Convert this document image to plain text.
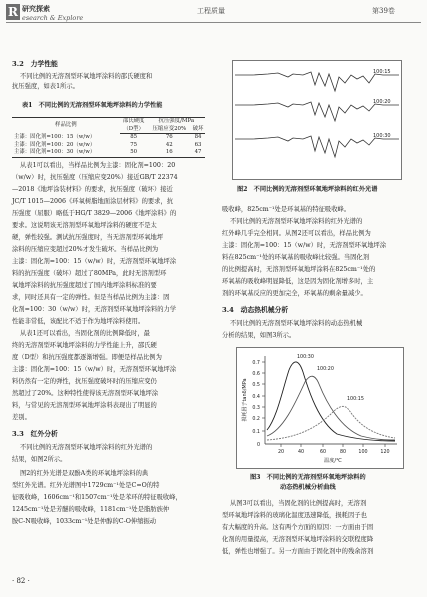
R 研究探索
esearch & Explore
工程质量	第39卷
3.2　力学性能
不同比例的无溶剂型环氧地坪涂料的邵氏硬度和
抗压强度，如表1所示。
表1　不同比例的无溶剂型环氧地坪涂料的力学性能
样品比例	邵氏硬度	抗压强度/MPa	
	（D型）	压缩应变20%	破坏
主漆：固化剂=100：15（w/w）	85	76	84
主漆：固化剂=100：20（w/w）	75	42	63
主漆：固化剂=100：30（w/w）	50	16	47
从表1可以看出，当样品比例为主漆：固化剂=100：20
（w/w）时，抗压强度（压缩应变20%）接近GB/T 22374
—2018《地坪涂装材料》的要求，抗压强度（破坏）接近
JC/T 1015—2006《环氧树脂地面涂层材料》的要求，抗
压强度（屈服）略低于HG/T 3829—2006《地坪涂料》的
要求。这说明该无溶剂型环氧地坪涂料的硬度不是太
硬，弹性较强。测试抗压强度时，当无溶剂型环氧地坪
涂料的压缩应变超过20%才发生破坏。当样品比例为
主漆：固化剂=100：15（w/w）时，无溶剂型环氧地坪涂
料的抗压强度（破坏）超过了80MPa，此时无溶剂型环
氧地坪涂料的抗压强度超过了国内地坪涂料标准的要
求，同时还具有一定的弹性。但是当样品比例为主漆：固
化剂=100：30（w/w）时，无溶剂型环氧地坪涂料的力学
性能非常低，该配比不适于作为地坪涂料使用。
从表1还可以看出，当固化剂的比例降低时，最
终的无溶剂型环氧地坪涂料的力学性能上升，邵氏硬
度（D型）和抗压强度都逐渐增强。即便是样品比例为
主漆：固化剂=100：15（w/w）时，无溶剂型环氧地坪涂
料仍然有一定的弹性，抗压强度破坏时的压缩应变仍
然超过了20%。这种特性使得该无溶剂型环氧地坪涂
料，与常见的无溶剂型环氧地坪涂料表现出了明显的
差别。
3.3　红外分析
不同比例的无溶剂型环氧地坪涂料的红外光谱的
结果，如图2所示。
图2的红外光谱是双酚A类的环氧地坪涂料的典
型红外光谱。红外光谱图中1729cm⁻¹处是C=O的特
征吸收峰，1606cm⁻¹和1507cm⁻¹处是苯环的特征吸收峰，
1245cm⁻¹处是芳醚的吸收峰，1181cm⁻¹处是脂肪族仲
胺C-N吸收峰，1033cm⁻¹处是仲醇的C-O伸缩振动
· 82 ·
100:15
100:20
100:30
图2　不同比例的无溶剂型环氧地坪涂料的红外光谱
吸收峰，825cm⁻¹处是环氧基的特征吸收峰。
不同比例的无溶剂型环氧地坪涂料的红外光谱的
红外峰几乎完全相同。从图2还可以看出，样品比例为
主漆：固化剂=100：15（w/w）时，无溶剂型环氧地坪涂
料在825cm⁻¹处的环氧基的吸收峰比较强。当固化剂
的比例提高时，无溶剂型环氧地坪涂料在825cm⁻¹处的
环氧基的吸收峰明显降低，这是因为固化剂增多时，主
剂的环氧基反应的更加完全，环氧基的剩余量减少。
3.4　动态热机械分析
不同比例的无溶剂型环氧地坪涂料的动态热机械
分析的结果，如图3所示。
0.7
0.6
0.5
0.4
0.3
0.2
0.1
0
20	40	60	80	100	120
温度/℃
损耗因子tanδ/MPa
100:30
100:20
100:15
图3　不同比例的无溶剂型环氧地坪涂料的
动态热机械分析曲线
从图3可以看出，当固化剂的比例提高时，无溶剂
型环氧地坪涂料的玻璃化温度迅速降低，损耗因子也
有大幅度的升高。这有两个方面的原因：一方面由于固
化剂的用量提高，无溶剂型环氧地坪涂料的交联程度降
低，弹性也增强了。另一方面由于固化剂中的残余溶剂
